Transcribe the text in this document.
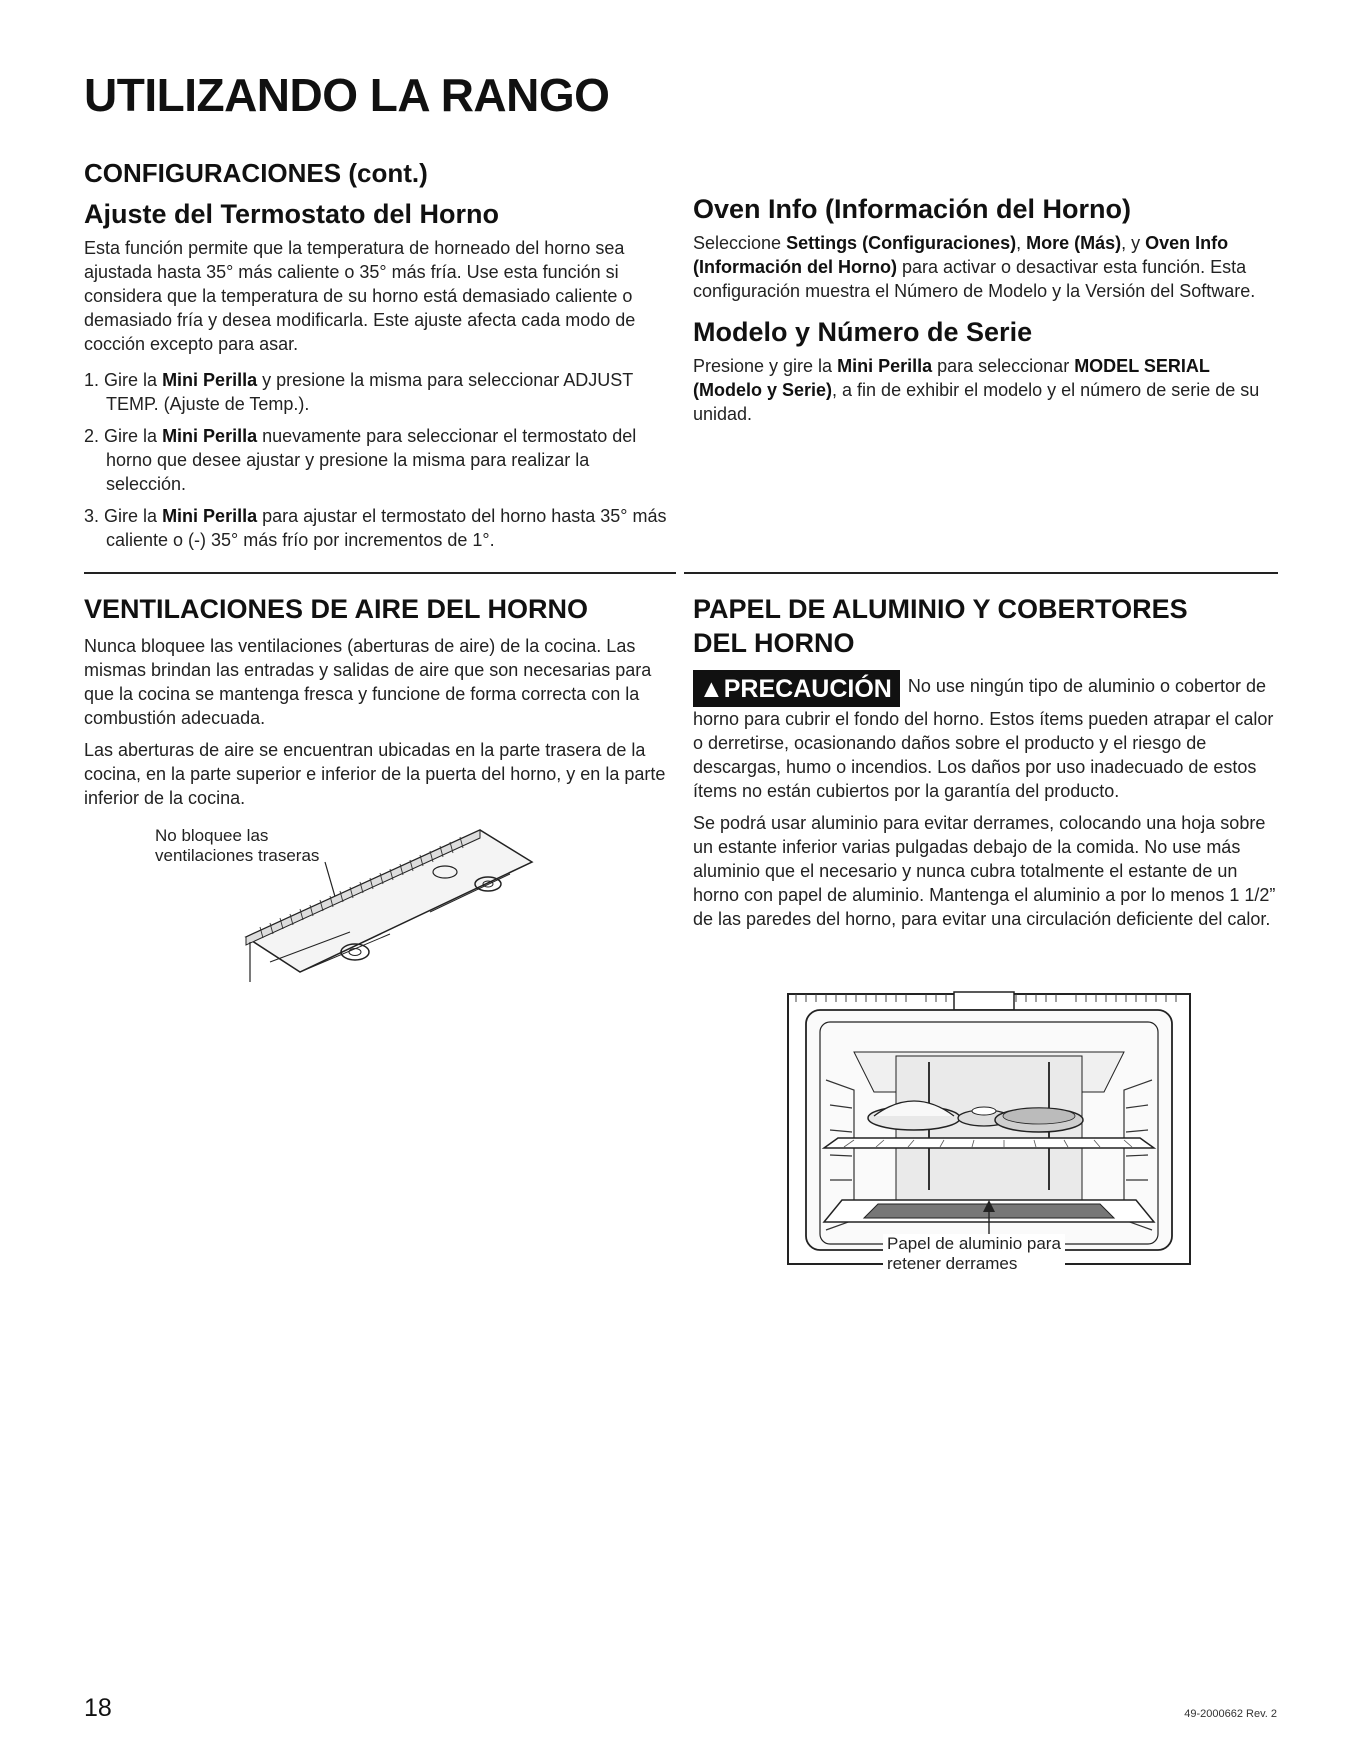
UTILIZANDO LA RANGO
CONFIGURACIONES (cont.)
Ajuste del Termostato del Horno

Esta función permite que la temperatura de horneado del horno sea ajustada hasta 35° más caliente o 35° más fría. Use esta función si considera que la temperatura de su horno está demasiado caliente o demasiado fría y desea modificarla. Este ajuste afecta cada modo de cocción excepto para asar.

1. Gire la Mini Perilla y presione la misma para seleccionar ADJUST TEMP. (Ajuste de Temp.).
2. Gire la Mini Perilla nuevamente para seleccionar el termostato del horno que desee ajustar y presione la misma para realizar la selección.
3. Gire la Mini Perilla para ajustar el termostato del horno hasta 35° más caliente o (-) 35° más frío por incrementos de 1°.
Oven Info (Información del Horno)

Seleccione Settings (Configuraciones), More (Más), y Oven Info (Información del Horno) para activar o desactivar esta función. Esta configuración muestra el Número de Modelo y la Versión del Software.

Modelo y Número de Serie

Presione y gire la Mini Perilla para seleccionar MODEL SERIAL (Modelo y Serie), a fin de exhibir el modelo y el número de serie de su unidad.

VENTILACIONES DE AIRE DEL HORNO

Nunca bloquee las ventilaciones (aberturas de aire) de la cocina. Las mismas brindan las entradas y salidas de aire que son necesarias para que la cocina se mantenga fresca y funcione de forma correcta con la combustión adecuada.

Las aberturas de aire se encuentran ubicadas en la parte trasera de la cocina, en la parte superior e inferior de la puerta del horno, y en la parte inferior de la cocina.

No bloquee las
ventilaciones traseras
PAPEL DE ALUMINIO Y COBERTORES
DEL HORNO

▲PRECAUCIÓN No use ningún tipo de aluminio o cobertor de horno para cubrir el fondo del horno. Estos ítems pueden atrapar el calor o derretirse, ocasionando daños sobre el producto y el riesgo de descargas, humo o incendios. Los daños por uso inadecuado de estos ítems no están cubiertos por la garantía del producto.

Se podrá usar aluminio para evitar derrames, colocando una hoja sobre un estante inferior varias pulgadas debajo de la comida. No use más aluminio que el necesario y nunca cubra totalmente el estante de un horno con papel de aluminio. Mantenga el aluminio a por lo menos 1 1/2” de las paredes del horno, para evitar una circulación deficiente del calor.

Papel de aluminio para
retener derrames
18	49-2000662 Rev. 2
